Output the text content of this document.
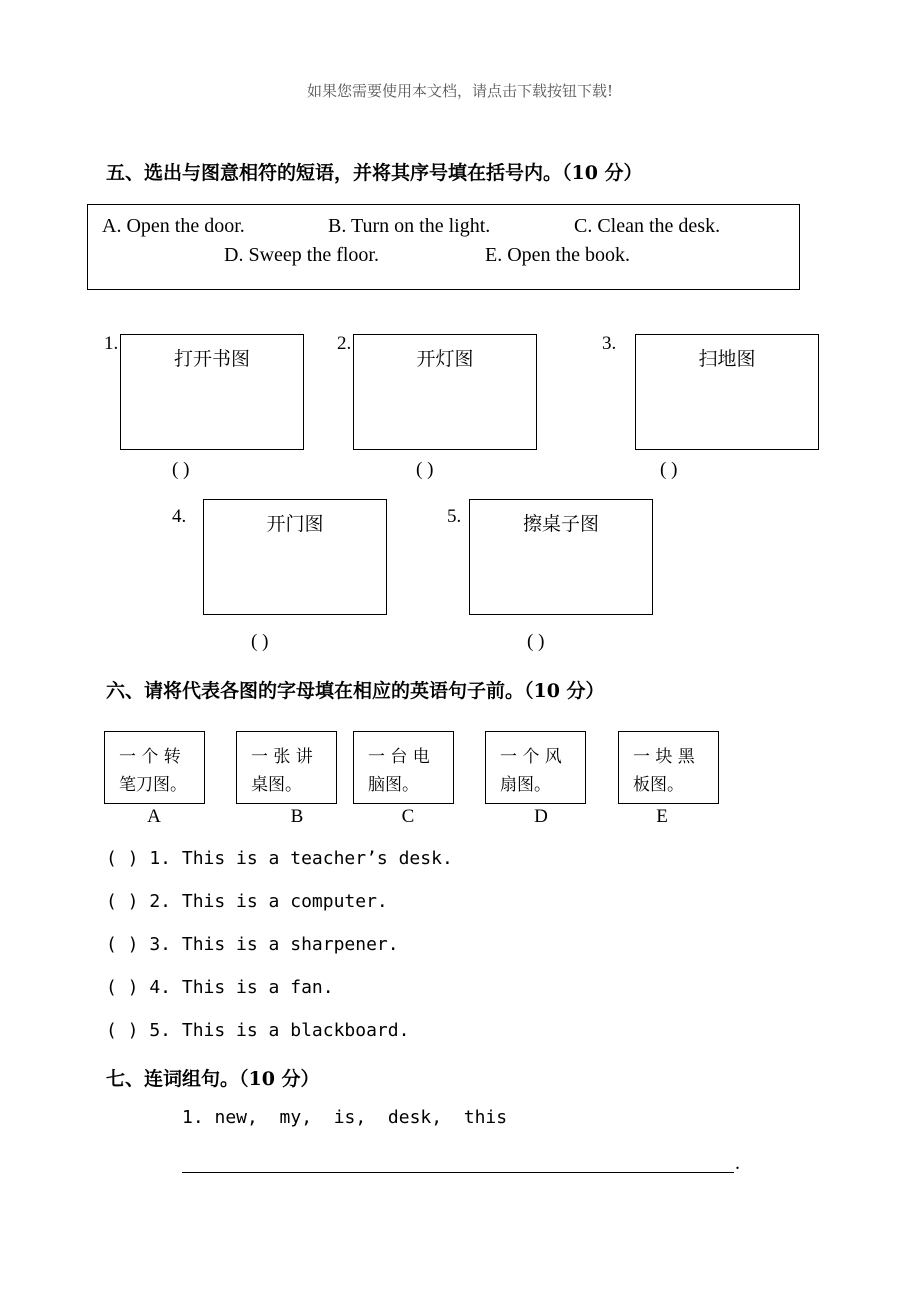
如果您需要使用本文档，请点击下载按钮下载!
五、选出与图意相符的短语，并将其序号填在括号内。（10 分）
A. Open the door.	B. Turn on the light.	C. Clean the desk.
D. Sweep the floor.	E. Open the book.
1.
打开书图
( )
2.
开灯图
( )
3.
扫地图
( )
4.	开门图
( )
5.	擦桌子图
( )
六、请将代表各图的字母填在相应的英语句子前。（10 分）
一 个 转
笔刀图。
A
一 张 讲
桌图。
B
一 台 电
脑图。
C
一 个 风
扇图。
D
一 块 黑
板图。
E
( ) 1. This is a teacher’s desk.
( ) 2. This is a computer.
( ) 3. This is a sharpener.
( ) 4. This is a fan.
( ) 5. This is a blackboard.
七、连词组句。（10 分）
1. new,  my,  is,  desk,  this
.
